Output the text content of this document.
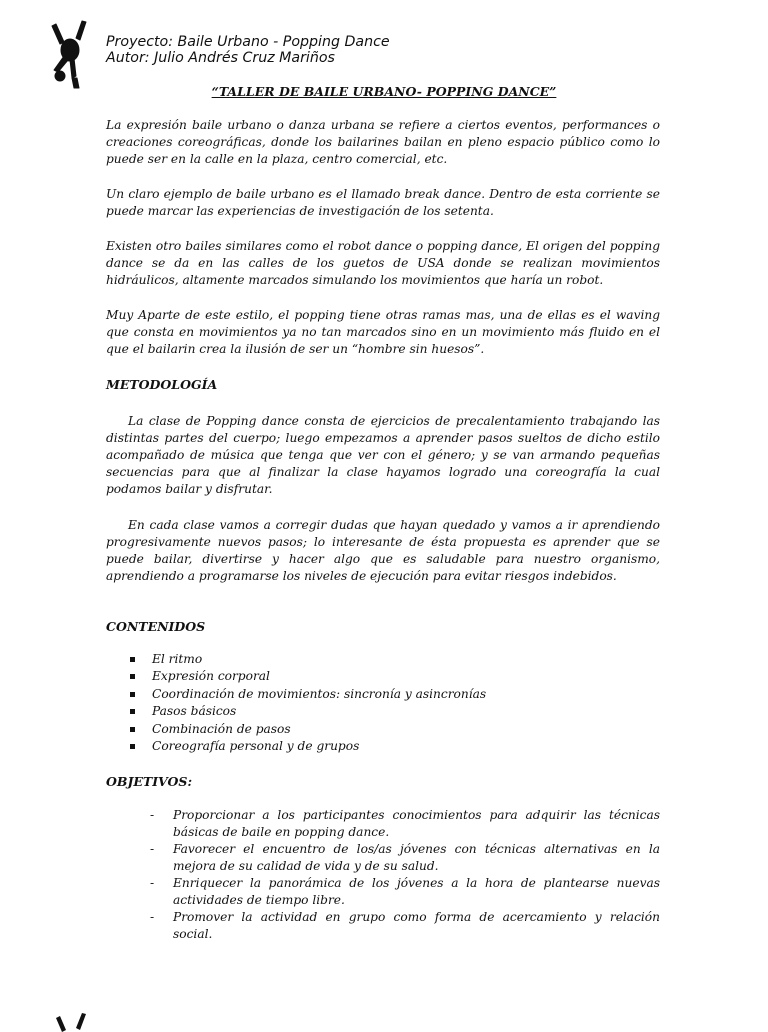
Proyecto: Baile Urbano - Popping Dance
Autor: Julio Andrés Cruz Mariños
“TALLER DE BAILE URBANO- POPPING DANCE”

La expresión baile urbano o danza urbana se refiere a ciertos eventos, performances o creaciones coreográficas, donde los bailarines bailan en pleno espacio público como lo puede ser en la calle en la plaza, centro comercial, etc.

Un claro ejemplo de baile urbano es el llamado break dance. Dentro de esta corriente se puede marcar las experiencias de investigación de los setenta.

Existen otro bailes similares como el robot dance o popping dance, El origen del popping dance se da en las calles de los guetos de USA donde se realizan movimientos hidráulicos, altamente marcados simulando los movimientos que haría un robot.

Muy Aparte de este estilo, el popping tiene otras ramas mas, una de ellas es el waving que consta en movimientos ya no tan marcados sino en un movimiento más fluido en el que el bailarin crea la ilusión de ser un “hombre sin huesos”.

METODOLOGÍA

La clase de Popping dance consta de ejercicios de precalentamiento trabajando las distintas partes del cuerpo; luego empezamos a aprender pasos sueltos de dicho estilo acompañado de música que tenga que ver con el género; y se van armando pequeñas secuencias para que al finalizar la clase hayamos logrado una coreografía la cual podamos bailar y disfrutar.

En cada clase vamos a corregir dudas que hayan quedado y vamos a ir aprendiendo progresivamente nuevos pasos; lo interesante de ésta propuesta es aprender que se puede bailar, divertirse y hacer algo que es saludable para nuestro organismo, aprendiendo a programarse los niveles de ejecución para evitar riesgos indebidos.

CONTENIDOS

El ritmo
Expresión corporal
Coordinación de movimientos: sincronía y asincronías
Pasos básicos
Combinación de pasos
Coreografía personal y de grupos

OBJETIVOS:

- Proporcionar a los participantes conocimientos para adquirir las técnicas básicas de baile en popping dance.
- Favorecer el encuentro de los/as jóvenes con técnicas alternativas en la mejora de su calidad de vida y de su salud.
- Enriquecer la panorámica de los jóvenes a la hora de plantearse nuevas actividades de tiempo libre.
- Promover la actividad en grupo como forma de acercamiento y relación social.
